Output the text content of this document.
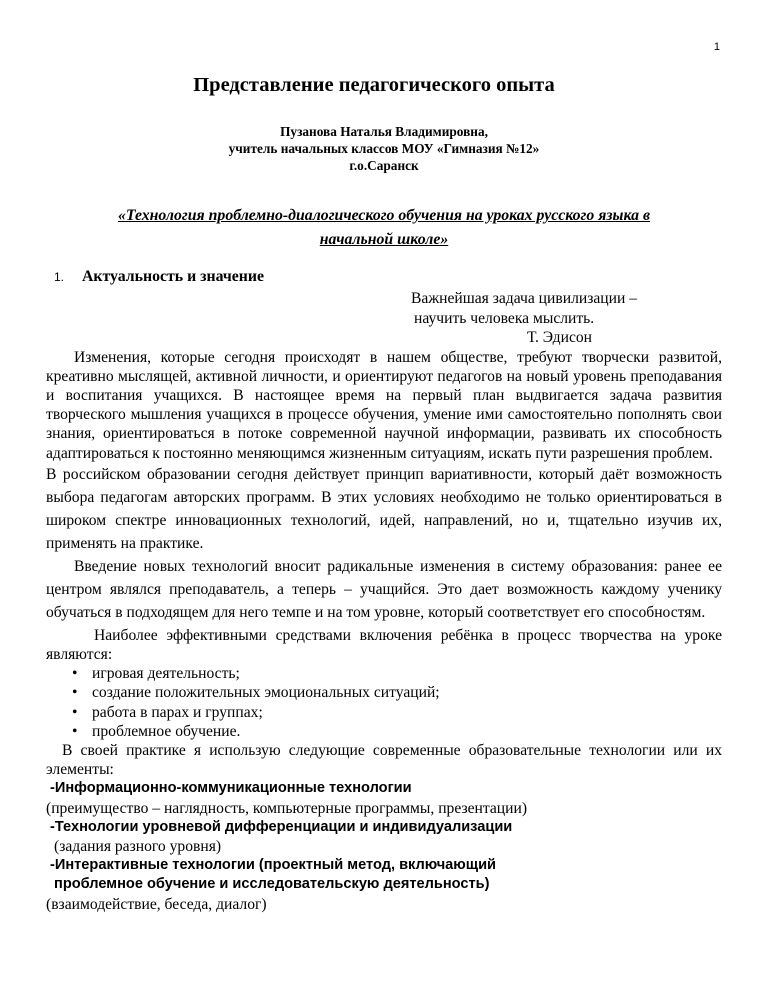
1
Представление педагогического опыта
Пузанова Наталья Владимировна,
учитель начальных классов МОУ «Гимназия №12»
г.о.Саранск
«Технология проблемно-диалогического обучения на уроках русского языка в
начальной школе»
1. Актуальность и значение
Важнейшая задача цивилизации –
научить человека мыслить.
Т. Эдисон

Изменения, которые сегодня происходят в нашем обществе, требуют творчески развитой, креативно мыслящей, активной личности, и ориентируют педагогов на новый уровень преподавания и воспитания учащихся. В настоящее время на первый план выдвигается задача развития творческого мышления учащихся в процессе обучения, умение ими самостоятельно пополнять свои знания, ориентироваться в потоке современной научной информации, развивать их способность адаптироваться к постоянно меняющимся жизненным ситуациям, искать пути разрешения проблем.

В российском образовании сегодня действует принцип вариативности, который даёт возможность выбора педагогам авторских программ. В этих условиях необходимо не только ориентироваться в широком спектре инновационных технологий, идей, направлений, но и, тщательно изучив их, применять на практике.

Введение новых технологий вносит радикальные изменения в систему образования: ранее ее центром являлся преподаватель, а теперь – учащийся. Это дает возможность каждому ученику обучаться в подходящем для него темпе и на том уровне, который соответствует его способностям.

Наиболее эффективными средствами включения ребёнка в процесс творчества на уроке являются:

• игровая деятельность;
• создание положительных эмоциональных ситуаций;
• работа в парах и группах;
• проблемное обучение.

В своей практике я использую следующие современные образовательные технологии или их элементы:

-Информационно-коммуникационные технологии

(преимущество – наглядность, компьютерные программы, презентации)

-Технологии уровневой дифференциации и индивидуализации

(задания разного уровня)

-Интерактивные технологии (проектный метод, включающий
проблемное обучение и исследовательскую деятельность)

(взаимодействие, беседа, диалог)
